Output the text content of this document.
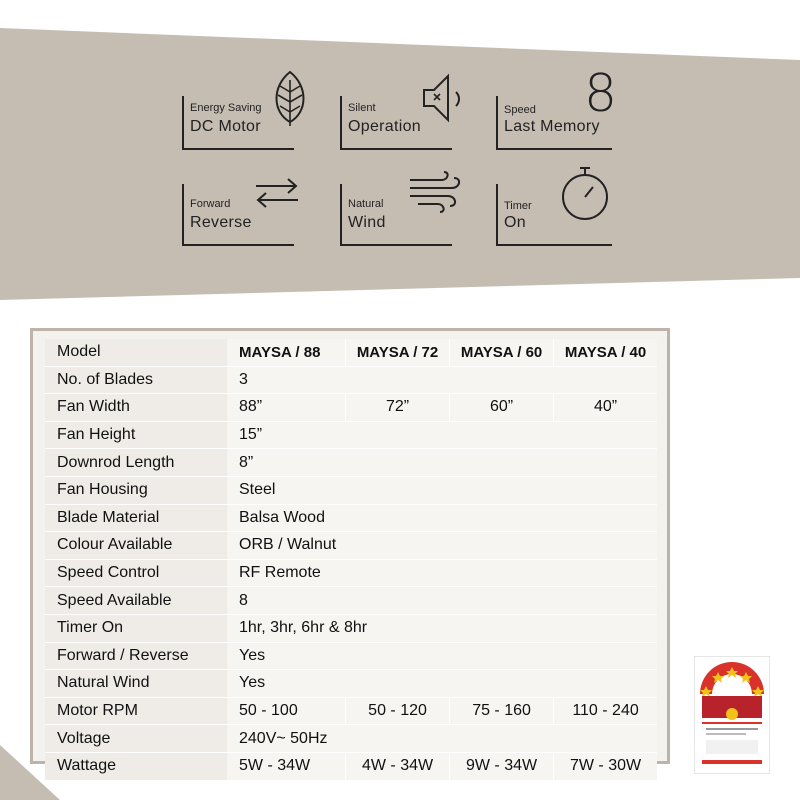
Energy Saving
DC Motor
Silent
Operation
Speed
Last Memory
8
Forward
Reverse
Natural
Wind
Timer
On
Model	MAYSA / 88	MAYSA / 72	MAYSA / 60	MAYSA / 40
No. of Blades	3			
Fan Width	88”	72”	60”	40”
Fan Height	15”			
Downrod Length	8”			
Fan Housing	Steel			
Blade Material	Balsa Wood			
Colour Available	ORB / Walnut			
Speed Control	RF Remote			
Speed Available	8			
Timer On	1hr, 3hr, 6hr & 8hr			
Forward / Reverse	Yes			
Natural Wind	Yes			
Motor RPM	50 - 100	50 - 120	75 - 160	110 - 240
Voltage	240V~ 50Hz			
Wattage	5W - 34W	4W - 34W	9W - 34W	7W - 30W
